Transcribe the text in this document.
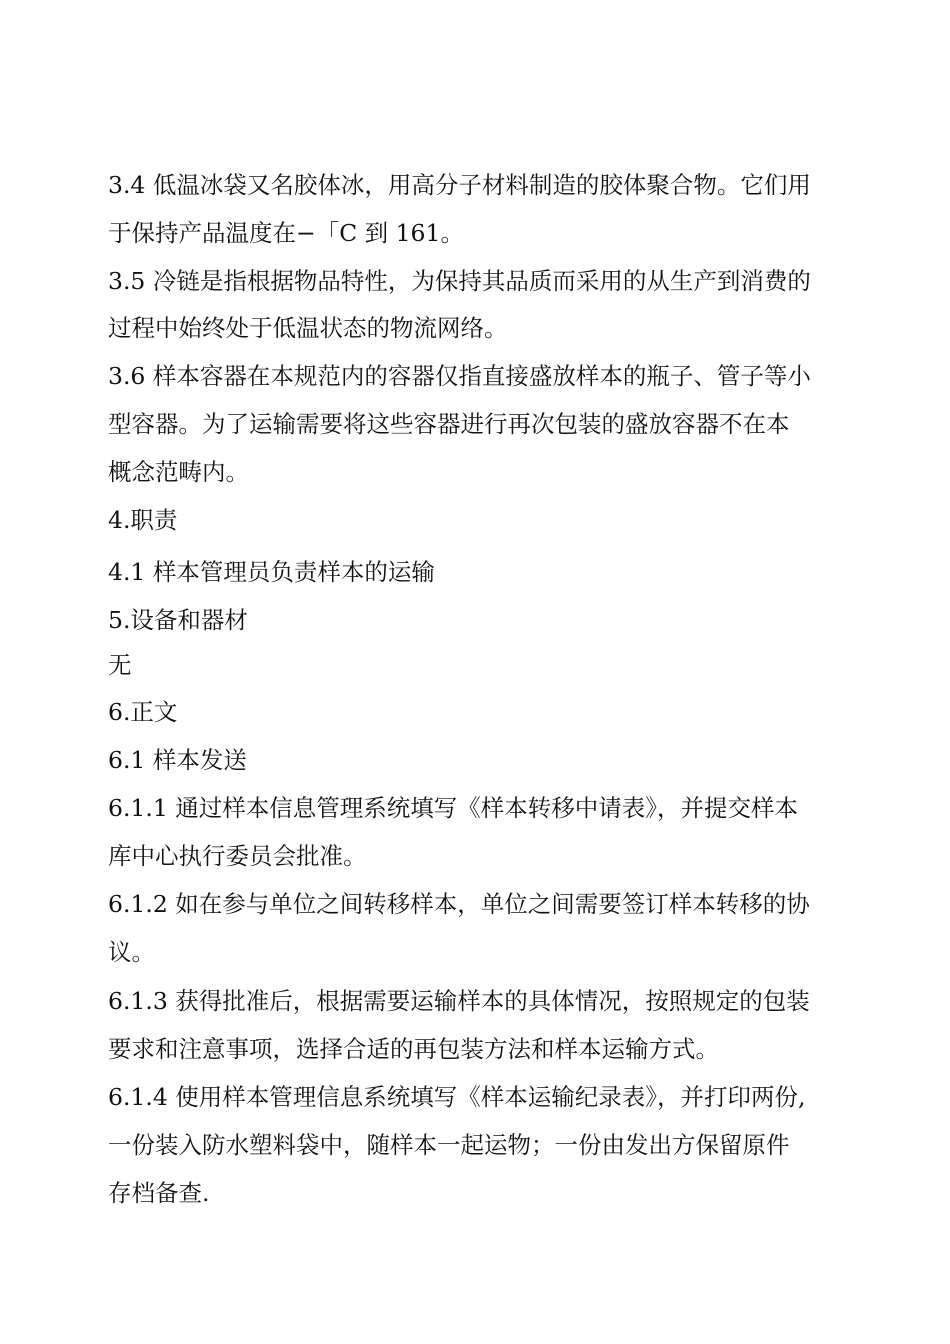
3.4 低温冰袋又名胶体冰，用高分子材料制造的胶体聚合物。它们用
于保持产品温度在−「C 到 161。
3.5 冷链是指根据物品特性，为保持其品质而采用的从生产到消费的
过程中始终处于低温状态的物流网络。
3.6 样本容器在本规范内的容器仅指直接盛放样本的瓶子、管子等小
型容器。为了运输需要将这些容器进行再次包装的盛放容器不在本
概念范畴内。
4.职责
4.1 样本管理员负责样本的运输
5.设备和器材
无
6.正文
6.1 样本发送
6.1.1 通过样本信息管理系统填写《样本转移中请表》，并提交样本
库中心执行委员会批准。
6.1.2 如在参与单位之间转移样本，单位之间需要签订样本转移的协
议。
6.1.3 获得批准后，根据需要运输样本的具体情况，按照规定的包装
要求和注意事项，选择合适的再包装方法和样本运输方式。
6.1.4 使用样本管理信息系统填写《样本运输纪录表》，并打印两份,
一份装入防水塑料袋中，随样本一起运物；一份由发出方保留原件
存档备查.
